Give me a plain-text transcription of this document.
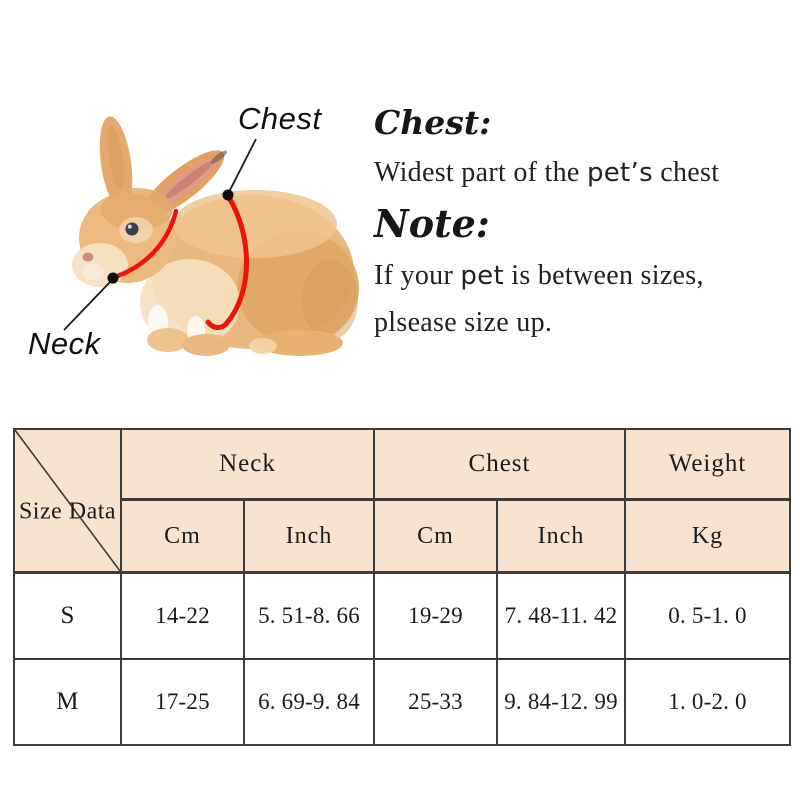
Chest
Neck

Chest:

Widest part of the pet’s chest

Note:

If your pet is between sizes,

plsease size up.

Size Data	Neck		Chest		Weight
	Cm	Inch	Cm	Inch	Kg
S	14-22	5. 51-8. 66	19-29	7. 48-11. 42	0. 5-1. 0
M	17-25	6. 69-9. 84	25-33	9. 84-12. 99	1. 0-2. 0
